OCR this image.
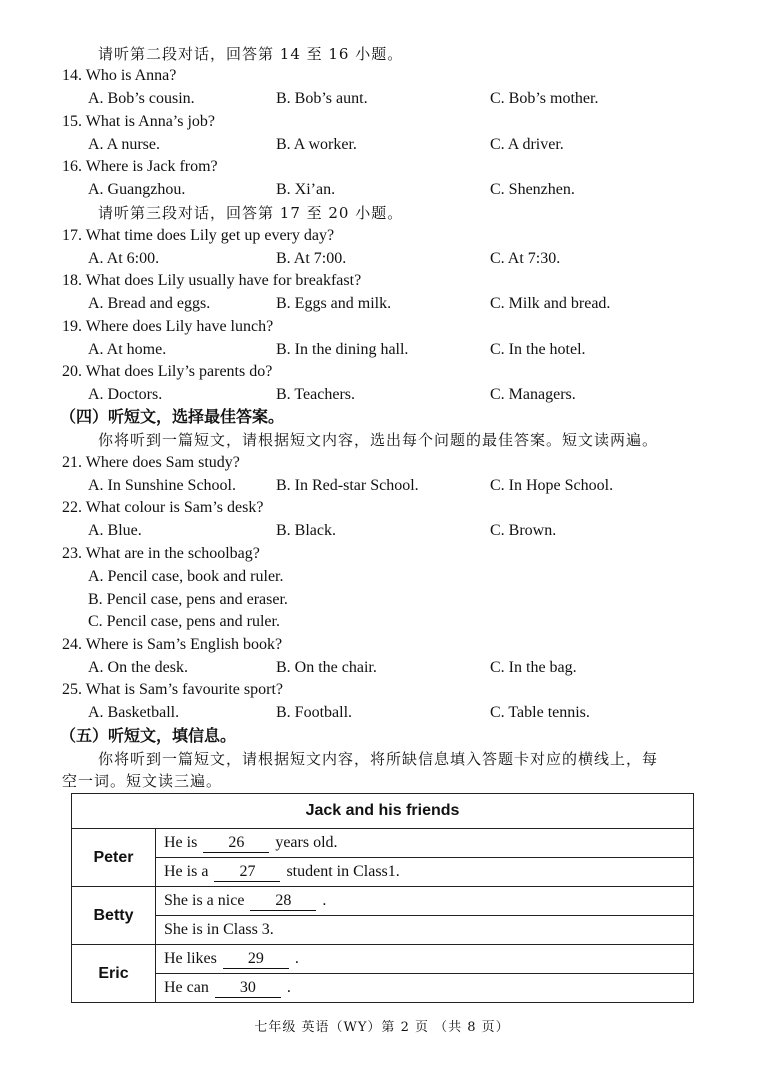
请听第二段对话，回答第 14 至 16 小题。
14. Who is Anna?
A. Bob’s cousin.	B. Bob’s aunt.	C. Bob’s mother.
15. What is Anna’s job?
A. A nurse.	B. A worker.	C. A driver.
16. Where is Jack from?
A. Guangzhou.	B. Xi’an.	C. Shenzhen.
请听第三段对话，回答第 17 至 20 小题。
17. What time does Lily get up every day?
A. At 6:00.	B. At 7:00.	C. At 7:30.
18. What does Lily usually have for breakfast?
A. Bread and eggs.	B. Eggs and milk.	C. Milk and bread.
19. Where does Lily have lunch?
A. At home.	B. In the dining hall.	C. In the hotel.
20. What does Lily’s parents do?
A. Doctors.	B. Teachers.	C. Managers.
（四）听短文，选择最佳答案。
你将听到一篇短文，请根据短文内容，选出每个问题的最佳答案。短文读两遍。
21. Where does Sam study?
A. In Sunshine School.	B. In Red-star School.	C. In Hope School.
22. What colour is Sam’s desk?
A. Blue.	B. Black.	C. Brown.
23. What are in the schoolbag?
A. Pencil case, book and ruler.
B. Pencil case, pens and eraser.
C. Pencil case, pens and ruler.
24. Where is Sam’s English book?
A. On the desk.	B. On the chair.	C. In the bag.
25. What is Sam’s favourite sport?
A. Basketball.	B. Football.	C. Table tennis.
（五）听短文，填信息。
你将听到一篇短文，请根据短文内容，将所缺信息填入答题卡对应的横线上，每
空一词。短文读三遍。
Jack and his friends	
Peter	He is 26 years old.
	He is a 27 student in Class1.
Betty	She is a nice 28 .
	She is in Class 3.
Eric	He likes 29 .
	He can 30 .
七年级 英语（WY）第 2 页 （共 8 页）
